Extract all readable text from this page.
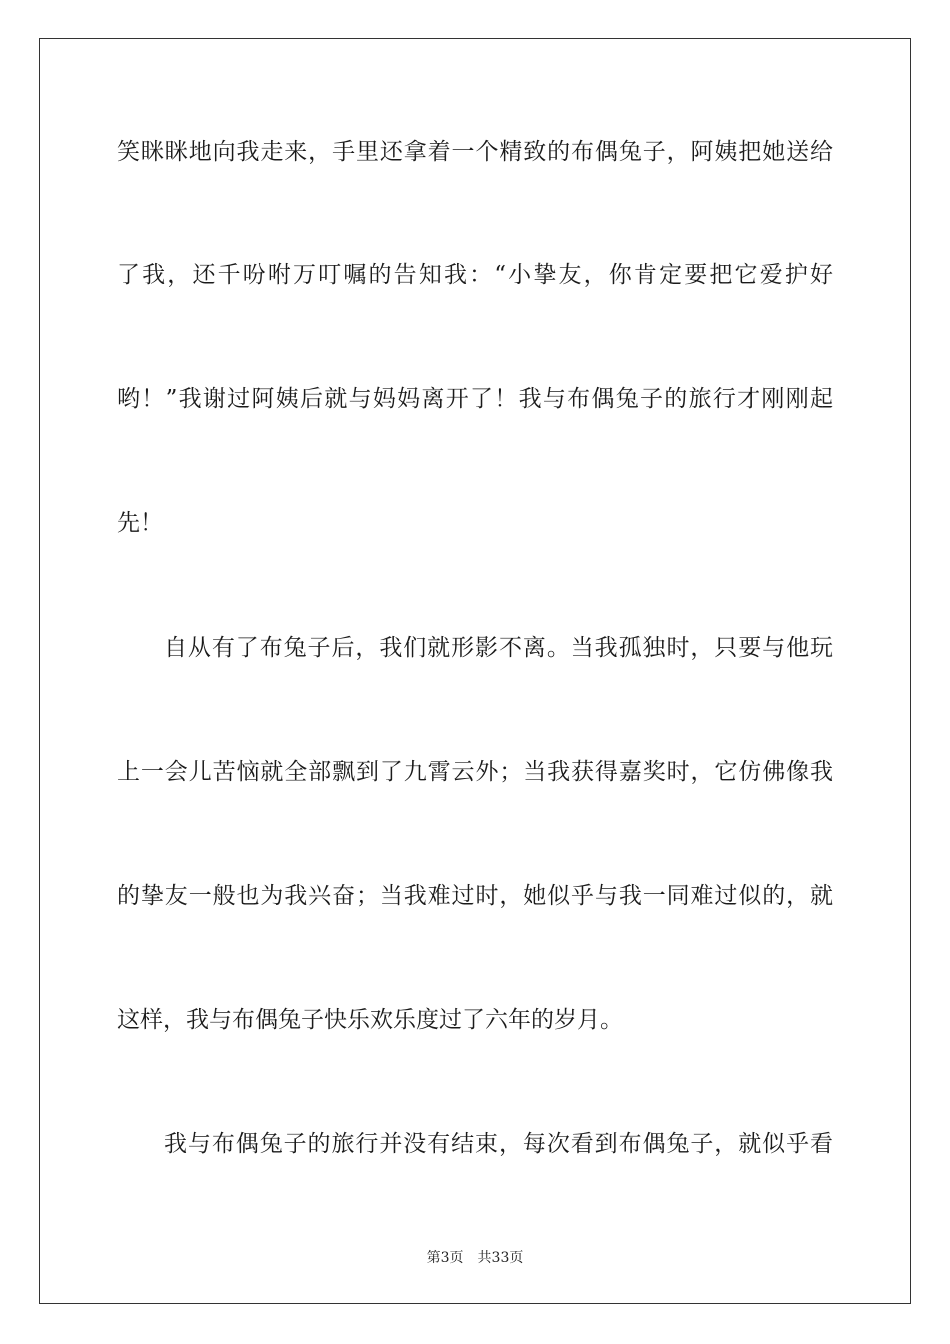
笑眯眯地向我走来，手里还拿着一个精致的布偶兔子，阿姨把她送给
了我，还千吩咐万叮嘱的告知我：“小挚友，你肯定要把它爱护好
哟！”我谢过阿姨后就与妈妈离开了！我与布偶兔子的旅行才刚刚起
先！
自从有了布兔子后，我们就形影不离。当我孤独时，只要与他玩
上一会儿苦恼就全部飘到了九霄云外；当我获得嘉奖时，它仿佛像我
的挚友一般也为我兴奋；当我难过时，她似乎与我一同难过似的，就
这样，我与布偶兔子快乐欢乐度过了六年的岁月。
我与布偶兔子的旅行并没有结束，每次看到布偶兔子，就似乎看
第3页 共33页
